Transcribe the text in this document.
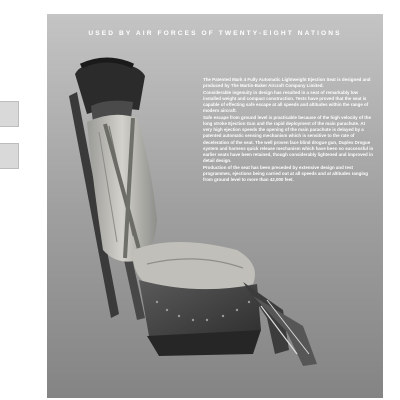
USED BY AIR FORCES OF TWENTY-EIGHT NATIONS

The Patented Mark 4 Fully Automatic Lightweight Ejection Seat is designed and produced by The Martin-Baker Aircraft Company Limited.

Considerable ingenuity in design has resulted in a seat of remarkably low installed weight and compact construction. Tests have proved that the seat is capable of effecting safe escape at all speeds and altitudes within the range of modern aircraft.

Safe escape from ground level is practicable because of the high velocity of the long stroke Ejection Gun and the rapid deployment of the main parachute. At very high ejection speeds the opening of the main parachute is delayed by a patented automatic sensing mechanism which is sensitive to the rate of deceleration of the seat. The well proven face blind drogue gun, Duplex Drogue system and harness quick release mechanism which have been so successful in earlier seats have been retained, though considerably lightened and improved in detail design.

Production of the seat has been preceded by extensive design and test programmes, ejections being carried out at all speeds and at altitudes ranging from ground level to more than 42,000 feet.
